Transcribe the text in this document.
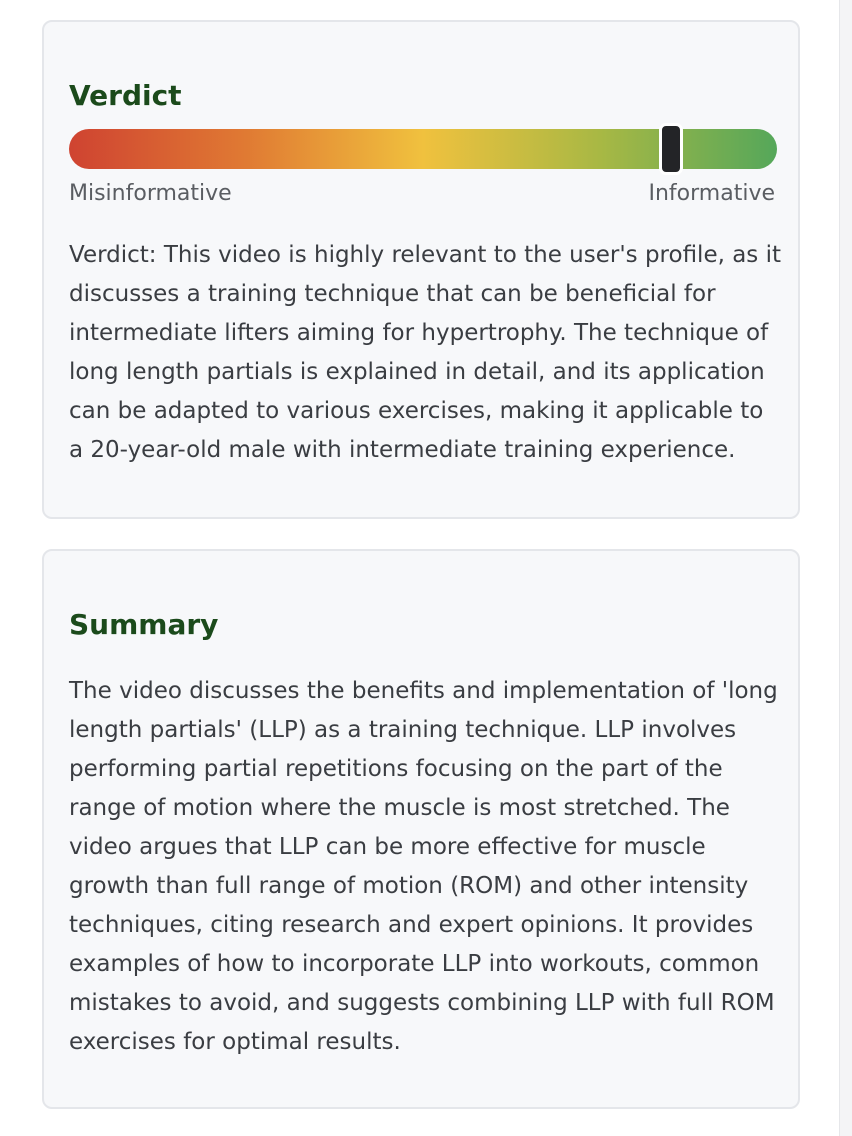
Verdict
Misinformative	Informative

Verdict: This video is highly relevant to the user's profile, as it discusses a training technique that can be beneficial for intermediate lifters aiming for hypertrophy. The technique of long length partials is explained in detail, and its application can be adapted to various exercises, making it applicable to a 20-year-old male with intermediate training experience.

Summary

The video discusses the benefits and implementation of 'long length partials' (LLP) as a training technique. LLP involves performing partial repetitions focusing on the part of the range of motion where the muscle is most stretched. The video argues that LLP can be more effective for muscle growth than full range of motion (ROM) and other intensity techniques, citing research and expert opinions. It provides examples of how to incorporate LLP into workouts, common mistakes to avoid, and suggests combining LLP with full ROM exercises for optimal results.
